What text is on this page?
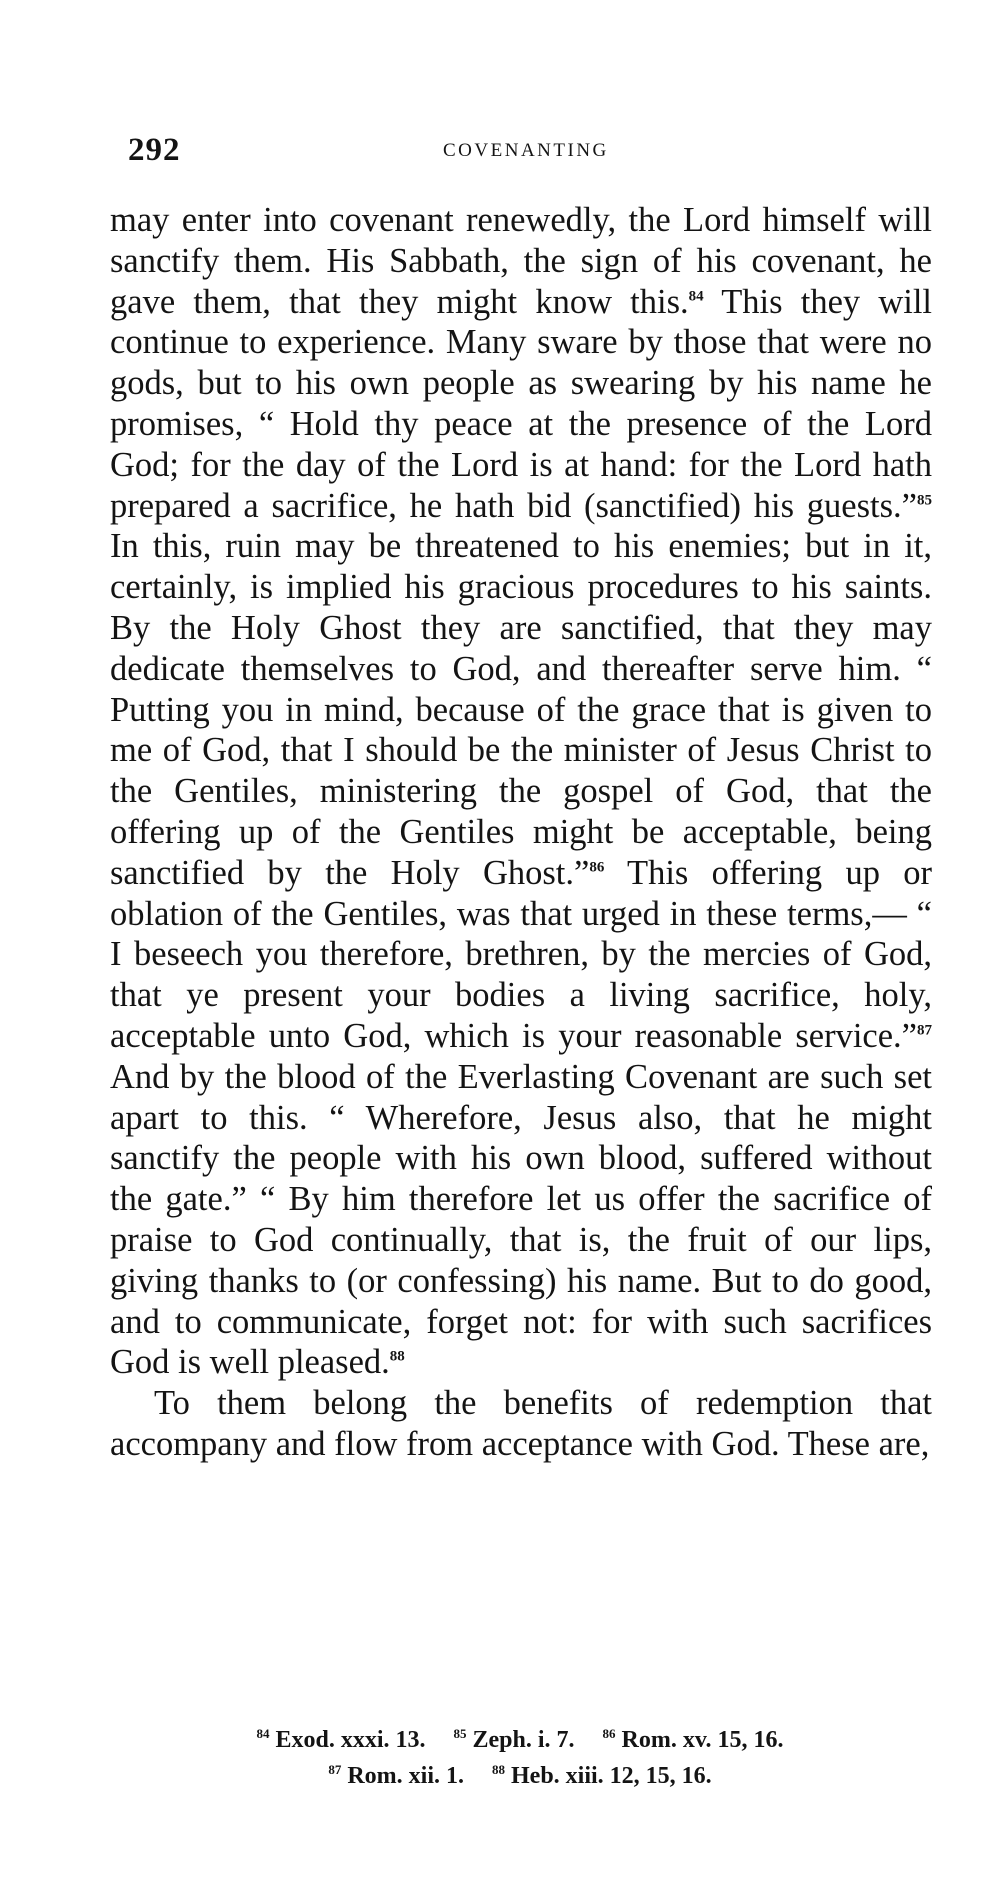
292	COVENANTING

may enter into covenant renewedly, the Lord himself will sanctify them. His Sabbath, the sign of his covenant, he gave them, that they might know this.$^{84}$ This they will continue to experience. Many sware by those that were no gods, but to his own people as swearing by his name he promises, “ Hold thy peace at the presence of the Lord God; for the day of the Lord is at hand: for the Lord hath prepared a sacrifice, he hath bid (sanctified) his guests.”$^{85}$ In this, ruin may be threatened to his enemies; but in it, certainly, is implied his gracious procedures to his saints. By the Holy Ghost they are sanctified, that they may dedicate themselves to God, and thereafter serve him. “ Putting you in mind, because of the grace that is given to me of God, that I should be the minister of Jesus Christ to the Gentiles, ministering the gospel of God, that the offering up of the Gentiles might be acceptable, being sanctified by the Holy Ghost.”$^{86}$ This offering up or oblation of the Gentiles, was that urged in these terms,— “ I beseech you therefore, brethren, by the mercies of God, that ye present your bodies a living sacrifice, holy, acceptable unto God, which is your reasonable service.”$^{87}$ And by the blood of the Everlasting Covenant are such set apart to this. “ Wherefore, Jesus also, that he might sanctify the people with his own blood, suffered without the gate.” “ By him therefore let us offer the sacrifice of praise to God continually, that is, the fruit of our lips, giving thanks to (or confessing) his name. But to do good, and to communicate, forget not: for with such sacrifices God is well pleased.$^{88}$

To them belong the benefits of redemption that accompany and flow from acceptance with God. These are,

$^{84}$ Exod. xxxi. 13. $^{85}$ Zeph. i. 7. $^{86}$ Rom. xv. 15, 16.
$^{87}$ Rom. xii. 1. $^{88}$ Heb. xiii. 12, 15, 16.
